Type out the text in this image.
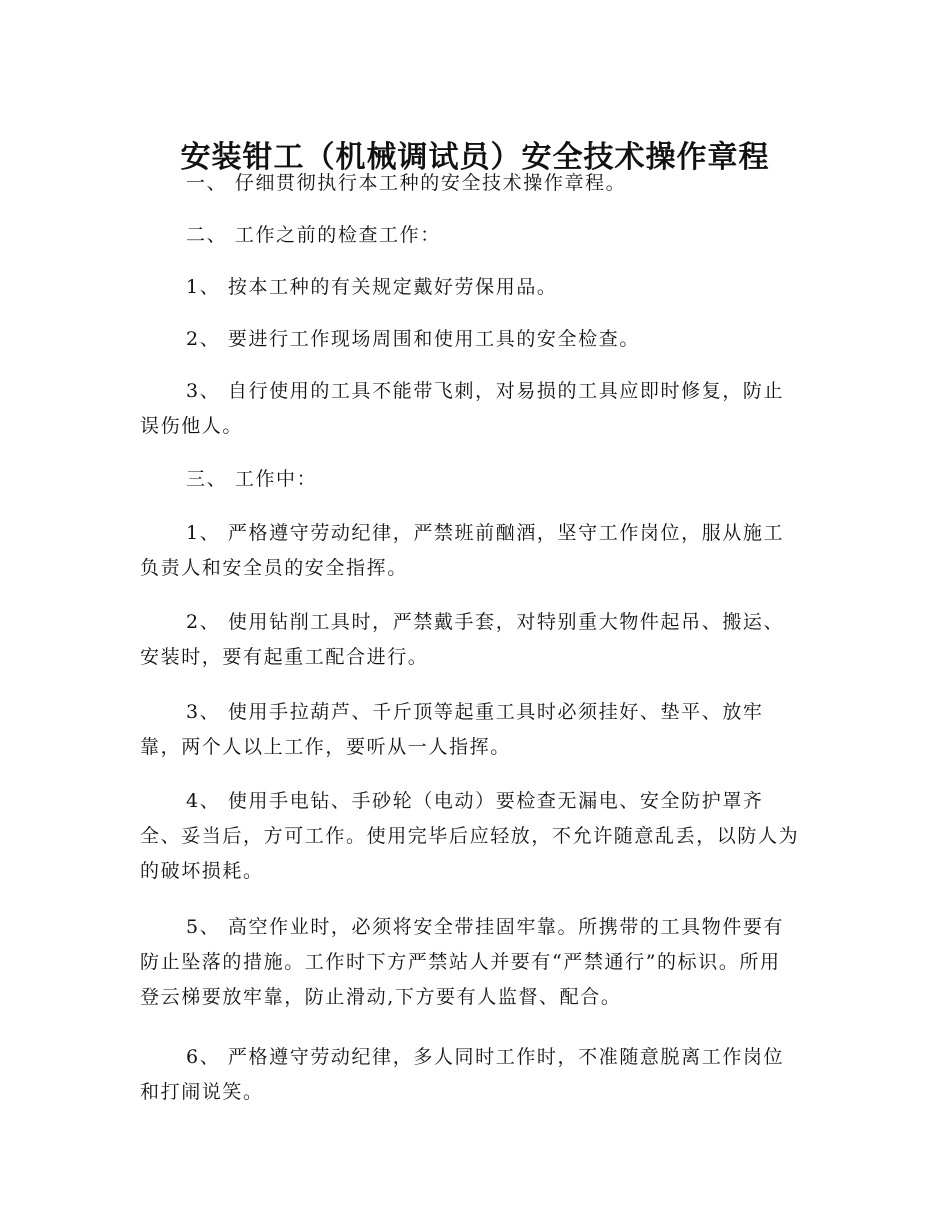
安装钳工（机械调试员）安全技术操作章程

一、 仔细贯彻执行本工种的安全技术操作章程。

二、 工作之前的检查工作：

1、 按本工种的有关规定戴好劳保用品。

2、 要进行工作现场周围和使用工具的安全检查。

3、 自行使用的工具不能带飞刺，对易损的工具应即时修复，防止误伤他人。

三、 工作中：

1、 严格遵守劳动纪律，严禁班前酗酒，坚守工作岗位，服从施工负责人和安全员的安全指挥。

2、 使用钻削工具时，严禁戴手套，对特别重大物件起吊、搬运、安装时，要有起重工配合进行。

3、 使用手拉葫芦、千斤顶等起重工具时必须挂好、垫平、放牢靠，两个人以上工作，要听从一人指挥。

4、 使用手电钻、手砂轮（电动）要检查无漏电、安全防护罩齐全、妥当后，方可工作。使用完毕后应轻放，不允许随意乱丢，以防人为的破坏损耗。

5、 高空作业时，必须将安全带挂固牢靠。所携带的工具物件要有防止坠落的措施。工作时下方严禁站人并要有“严禁通行”的标识。所用登云梯要放牢靠，防止滑动,下方要有人监督、配合。

6、 严格遵守劳动纪律，多人同时工作时，不准随意脱离工作岗位和打闹说笑。
